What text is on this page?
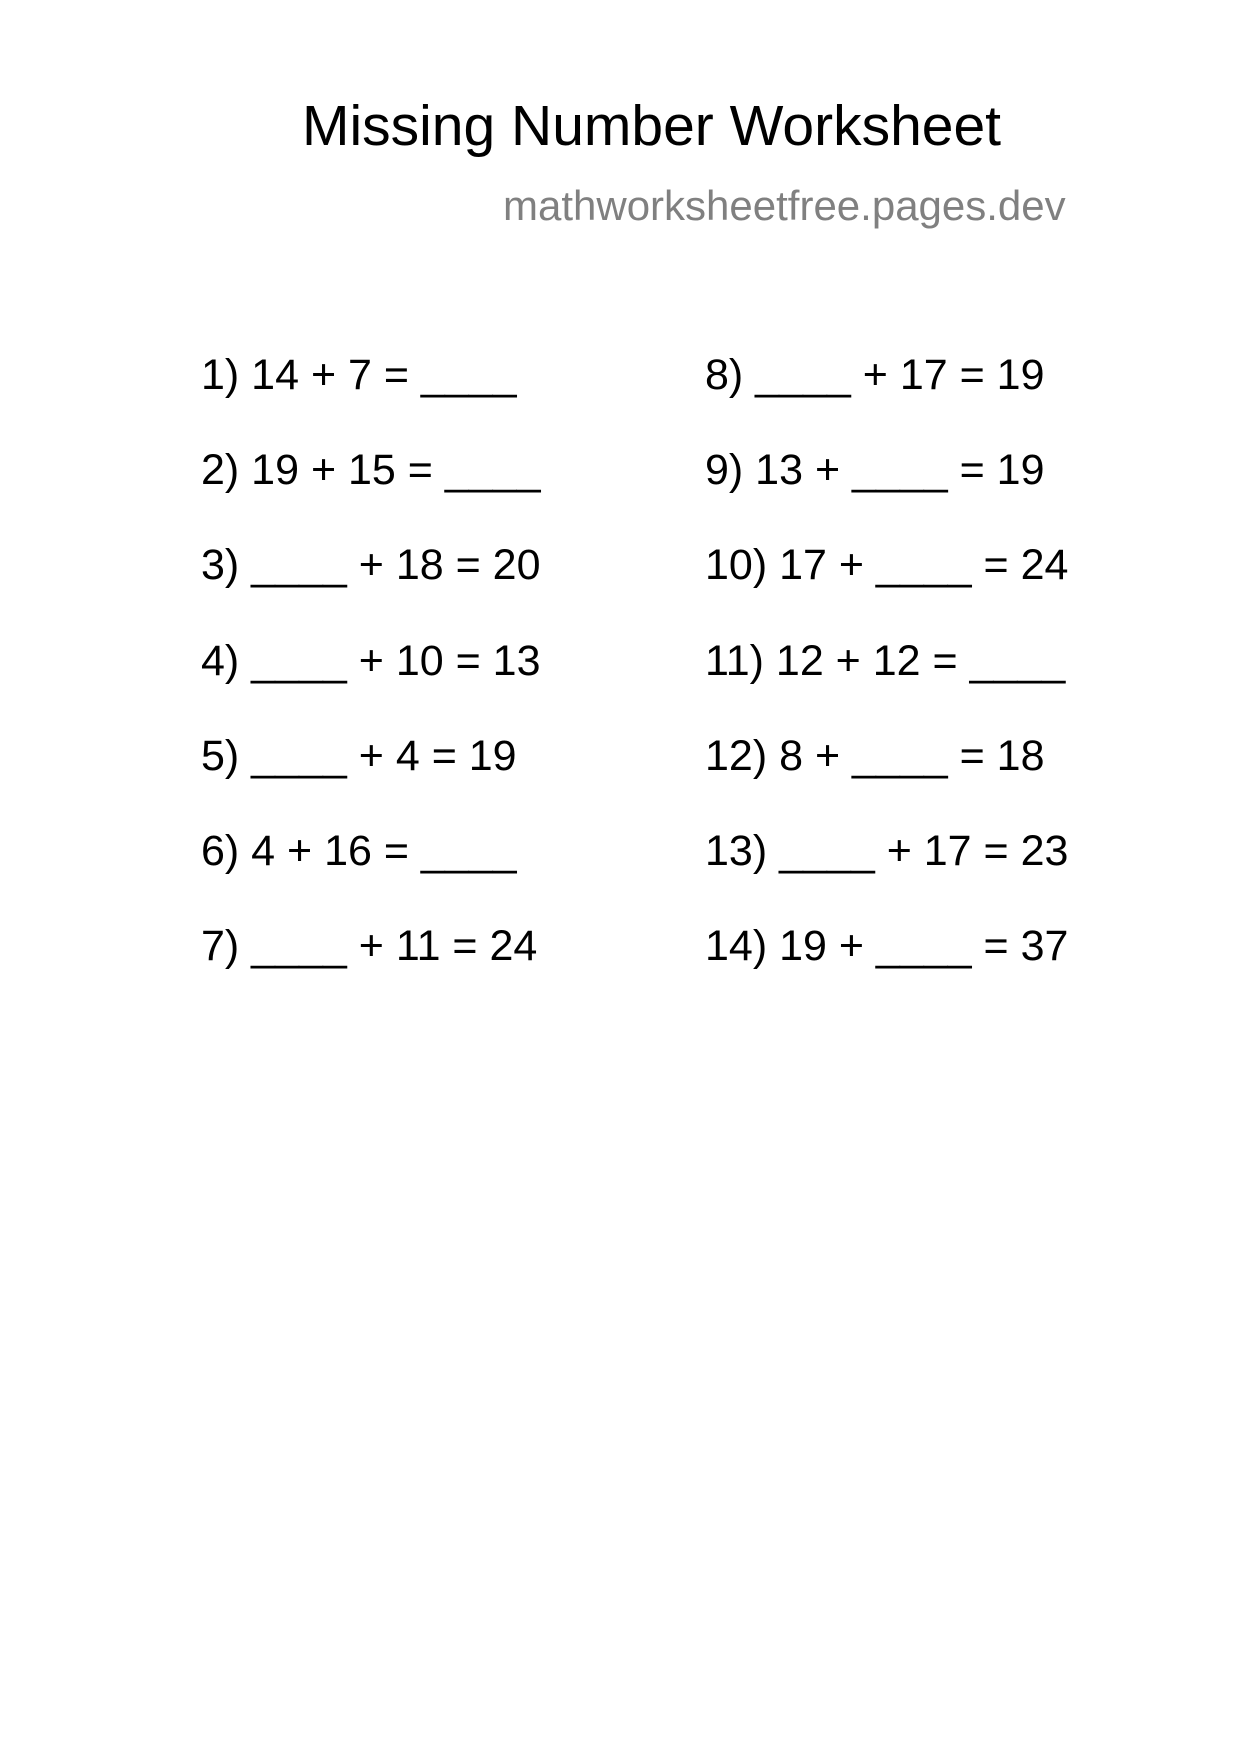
Missing Number Worksheet
mathworksheetfree.pages.dev
1) 14 + 7 = ____
2) 19 + 15 = ____
3) ____ + 18 = 20
4) ____ + 10 = 13
5) ____ + 4 = 19
6) 4 + 16 = ____
7) ____ + 11 = 24
8) ____ + 17 = 19
9) 13 + ____ = 19
10) 17 + ____ = 24
11) 12 + 12 = ____
12) 8 + ____ = 18
13) ____ + 17 = 23
14) 19 + ____ = 37
